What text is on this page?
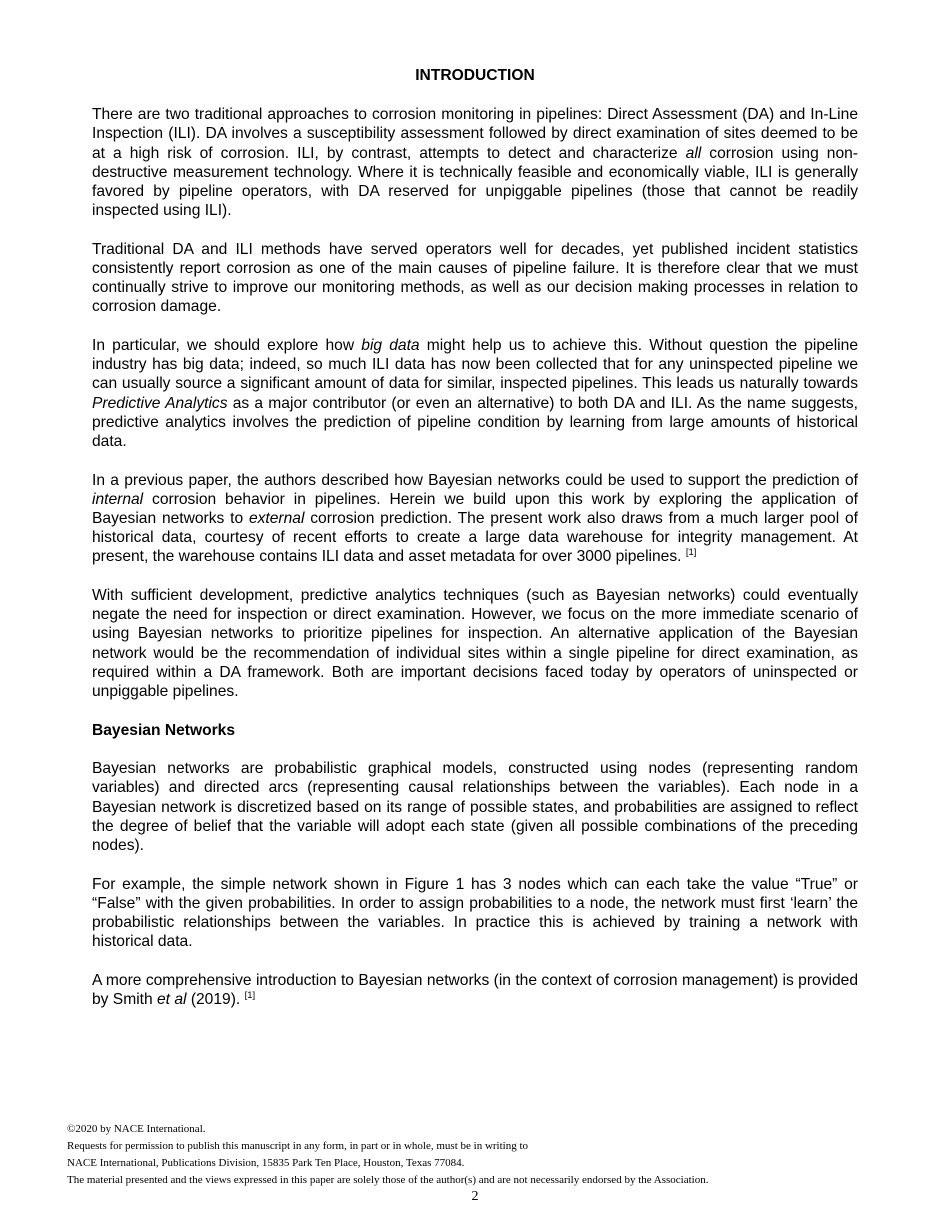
INTRODUCTION

There are two traditional approaches to corrosion monitoring in pipelines: Direct Assessment (DA) and In-Line Inspection (ILI). DA involves a susceptibility assessment followed by direct examination of sites deemed to be at a high risk of corrosion. ILI, by contrast, attempts to detect and characterize all corrosion using non-destructive measurement technology. Where it is technically feasible and economically viable, ILI is generally favored by pipeline operators, with DA reserved for unpiggable pipelines (those that cannot be readily inspected using ILI).

Traditional DA and ILI methods have served operators well for decades, yet published incident statistics consistently report corrosion as one of the main causes of pipeline failure. It is therefore clear that we must continually strive to improve our monitoring methods, as well as our decision making processes in relation to corrosion damage.

In particular, we should explore how big data might help us to achieve this. Without question the pipeline industry has big data; indeed, so much ILI data has now been collected that for any uninspected pipeline we can usually source a significant amount of data for similar, inspected pipelines. This leads us naturally towards Predictive Analytics as a major contributor (or even an alternative) to both DA and ILI. As the name suggests, predictive analytics involves the prediction of pipeline condition by learning from large amounts of historical data.

In a previous paper, the authors described how Bayesian networks could be used to support the prediction of internal corrosion behavior in pipelines. Herein we build upon this work by exploring the application of Bayesian networks to external corrosion prediction. The present work also draws from a much larger pool of historical data, courtesy of recent efforts to create a large data warehouse for integrity management. At present, the warehouse contains ILI data and asset metadata for over 3000 pipelines. [1]

With sufficient development, predictive analytics techniques (such as Bayesian networks) could eventually negate the need for inspection or direct examination. However, we focus on the more immediate scenario of using Bayesian networks to prioritize pipelines for inspection. An alternative application of the Bayesian network would be the recommendation of individual sites within a single pipeline for direct examination, as required within a DA framework. Both are important decisions faced today by operators of uninspected or unpiggable pipelines.

Bayesian Networks

Bayesian networks are probabilistic graphical models, constructed using nodes (representing random variables) and directed arcs (representing causal relationships between the variables). Each node in a Bayesian network is discretized based on its range of possible states, and probabilities are assigned to reflect the degree of belief that the variable will adopt each state (given all possible combinations of the preceding nodes).

For example, the simple network shown in Figure 1 has 3 nodes which can each take the value “True” or “False” with the given probabilities. In order to assign probabilities to a node, the network must first ‘learn’ the probabilistic relationships between the variables. In practice this is achieved by training a network with historical data.

A more comprehensive introduction to Bayesian networks (in the context of corrosion management) is provided by Smith et al (2019). [1]

©2020 by NACE International.
Requests for permission to publish this manuscript in any form, in part or in whole, must be in writing to
NACE International, Publications Division, 15835 Park Ten Place, Houston, Texas 77084.
The material presented and the views expressed in this paper are solely those of the author(s) and are not necessarily endorsed by the Association.
2
